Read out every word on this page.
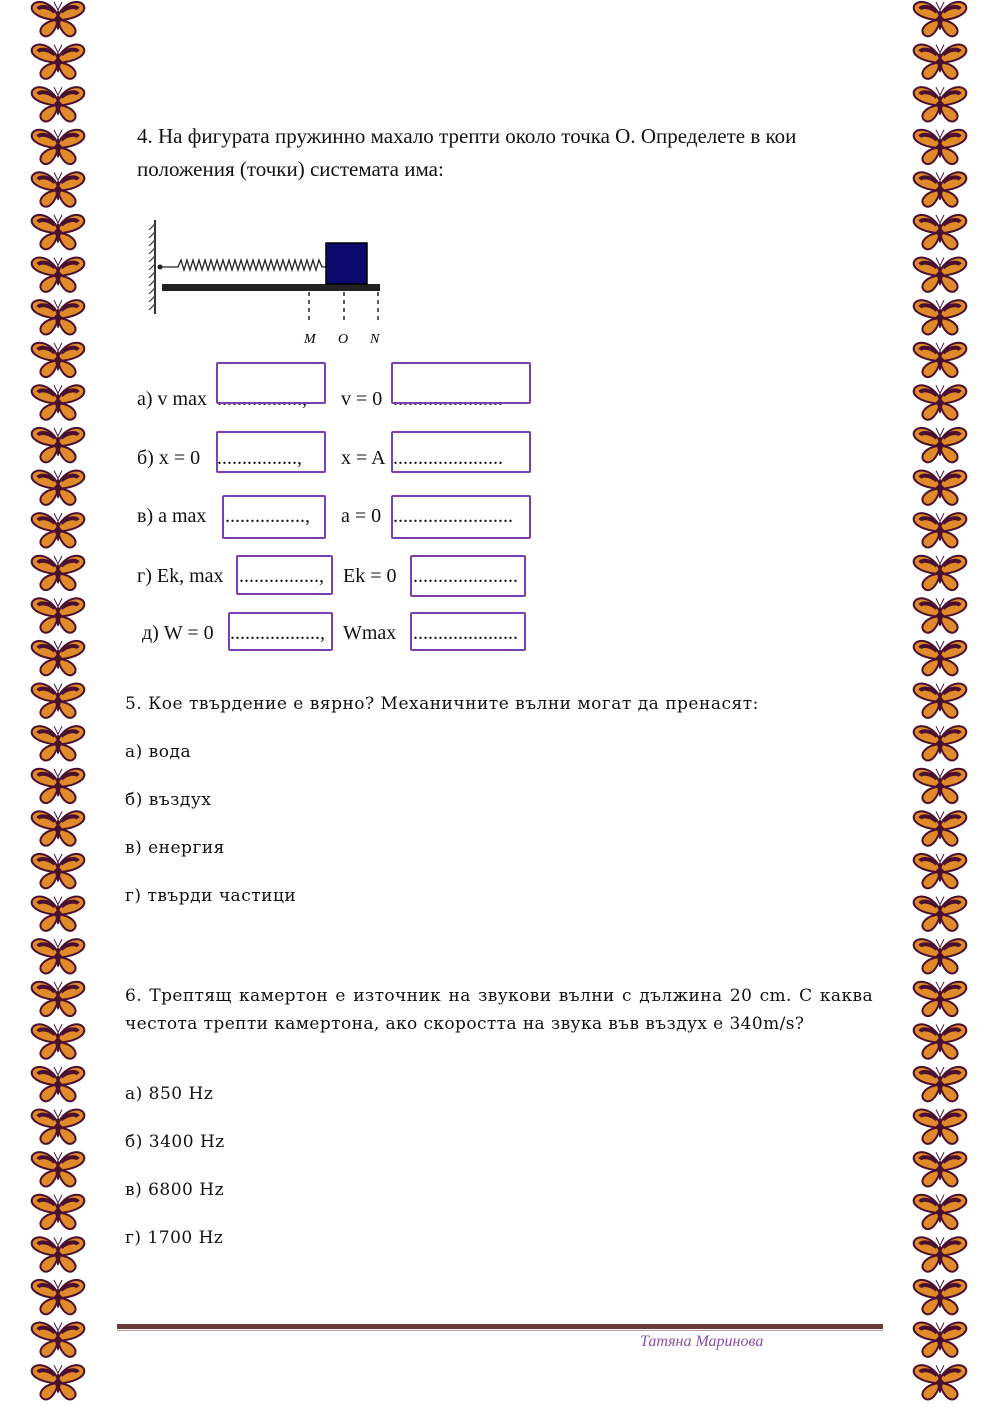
4. На фигурата пружинно махало трепти около точка О. Определете в кои положения (точки) системата има:
M O N
а) v max ................., v = 0 ......................
б) x = 0 ................, x = A ......................
в) a max ................, a = 0 ........................
г) Ek, max ................, Ek = 0 .....................
д) W = 0 .................., Wmax .....................
5. Кое твърдение е вярно? Механичните вълни могат да пренасят:
а) вода
б) въздух
в) енергия
г) твърди частици
6. Трептящ камертон е източник на звукови вълни с дължина 20 cm. С каква честота трепти камертона, ако скоростта на звука във въздух е 340m/s?
а) 850 Hz
б) 3400 Hz
в) 6800 Hz
г) 1700 Hz
Татяна Маринова
